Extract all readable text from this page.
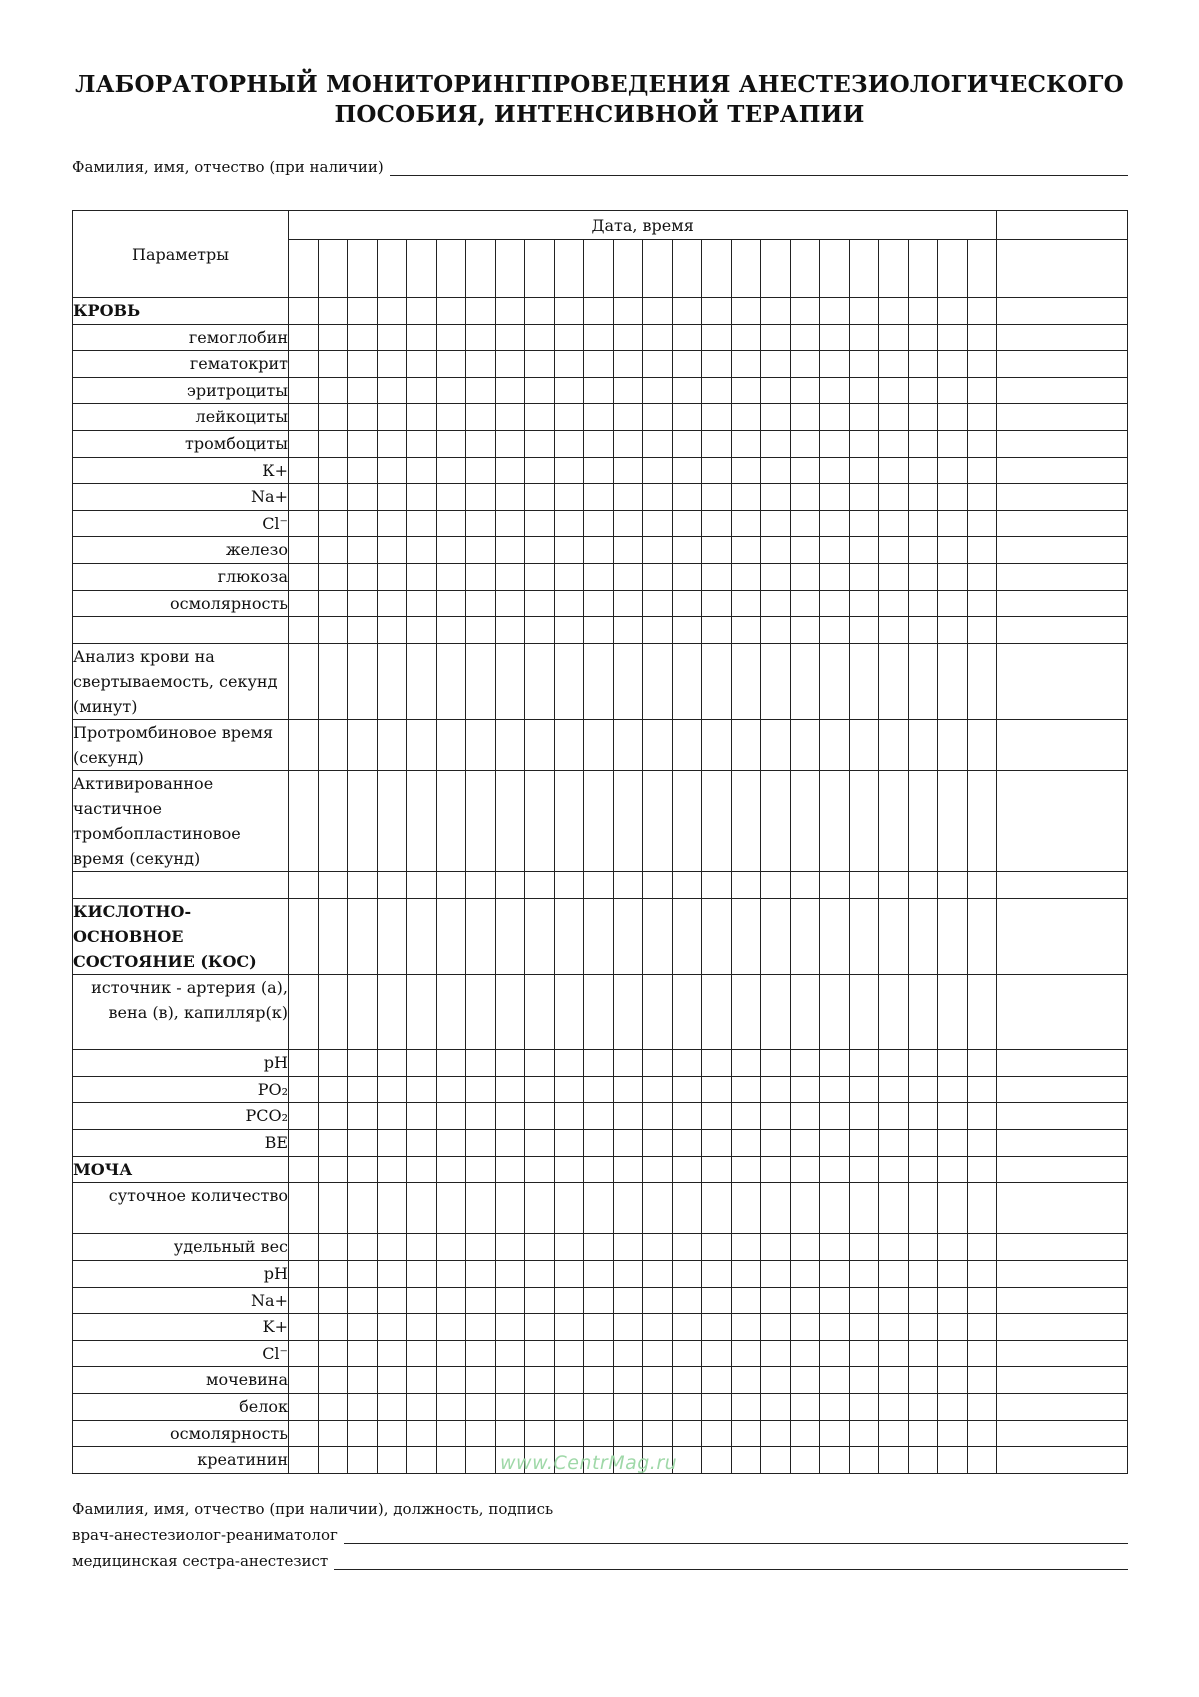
ЛАБОРАТОРНЫЙ МОНИТОРИНГПРОВЕДЕНИЯ АНЕСТЕЗИОЛОГИЧЕСКОГО
ПОСОБИЯ, ИНТЕНСИВНОЙ ТЕРАПИИ
Фамилия, имя, отчество (при наличии)
Параметры	Дата, время																								

КРОВЬ																									
гемоглобин																									
гематокрит																									
эритроциты																									
лейкоциты																									
тромбоциты																									
К+																									
Na+																									
Cl⁻																									
железо																									
глюкоза																									
осмолярность																									

Анализ крови на свертываемость, секунд (минут)																									
Протромбиновое время (секунд)																									
Активированное частичное тромбопластиновое время (секунд)																									

КИСЛОТНО-ОСНОВНОЕ СОСТОЯНИЕ (КОС)																									
источник - артерия (а), вена (в), капилляр(к)																									
pH																									
PO₂																									
PCO₂																									
BE																									
МОЧА																									
суточное количество																									
удельный вес																									
pH																									
Na+																									
K+																									
Cl⁻																									
мочевина																									
белок																									
осмолярность																									
креатинин																										www.CentrMag.ru
Фамилия, имя, отчество (при наличии), должность, подпись
врач-анестезиолог-реаниматолог
медицинская сестра-анестезист
